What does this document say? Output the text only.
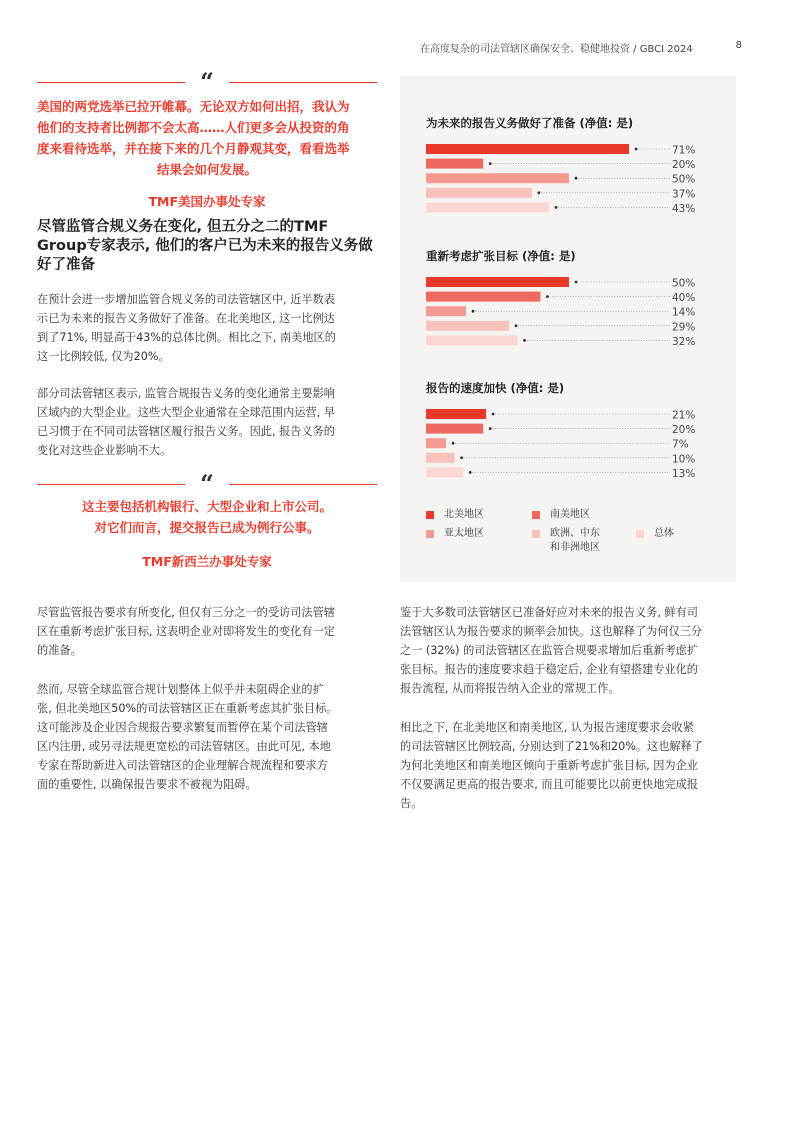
在高度复杂的司法管辖区确保安全、稳健地投资 / GBCI 2024	8
“
美国的两党选举已拉开帷幕。无论双方如何出招，我认为
他们的支持者比例都不会太高……人们更多会从投资的角
度来看待选举，并在接下来的几个月静观其变，看看选举
结果会如何发展。
TMF美国办事处专家
尽管监管合规义务在变化, 但五分之二的TMF
Group专家表示, 他们的客户已为未来的报告义务做
好了准备
在预计会进一步增加监管合规义务的司法管辖区中, 近半数表
示已为未来的报告义务做好了准备。在北美地区, 这一比例达
到了71%, 明显高于43%的总体比例。相比之下, 南美地区的
这一比例较低, 仅为20%。
部分司法管辖区表示, 监管合规报告义务的变化通常主要影响
区域内的大型企业。这些大型企业通常在全球范围内运营, 早
已习惯于在不同司法管辖区履行报告义务。因此, 报告义务的
变化对这些企业影响不大。
“
这主要包括机构银行、大型企业和上市公司。
对它们而言，提交报告已成为例行公事。
TMF新西兰办事处专家
尽管监管报告要求有所变化, 但仅有三分之一的受访司法管辖
区在重新考虑扩张目标, 这表明企业对即将发生的变化有一定
的准备。
然而, 尽管全球监管合规计划整体上似乎并未阻碍企业的扩
张, 但北美地区50%的司法管辖区正在重新考虑其扩张目标。
这可能涉及企业因合规报告要求繁复而暂停在某个司法管辖
区内注册, 或另寻法规更宽松的司法管辖区。由此可见, 本地
专家在帮助新进入司法管辖区的企业理解合规流程和要求方
面的重要性, 以确保报告要求不被视为阻碍。
鉴于大多数司法管辖区已准备好应对未来的报告义务, 鲜有司
法管辖区认为报告要求的频率会加快。这也解释了为何仅三分
之一 (32%) 的司法管辖区在监管合规要求增加后重新考虑扩
张目标。报告的速度要求趋于稳定后, 企业有望搭建专业化的
报告流程, 从而将报告纳入企业的常规工作。
相比之下, 在北美地区和南美地区, 认为报告速度要求会收紧
的司法管辖区比例较高, 分别达到了21%和20%。这也解释了
为何北美地区和南美地区倾向于重新考虑扩张目标, 因为企业
不仅要满足更高的报告要求, 而且可能要比以前更快地完成报
告。
为未来的报告义务做好了准备 (净值: 是)
71%
20%
50%
37%
43%
重新考虑扩张目标 (净值: 是)
50%
40%
14%
29%
32%
报告的速度加快 (净值: 是)
21%
20%
7%
10%
13%
北美地区	南美地区
亚太地区	欧洲、中东
和非洲地区
总体
